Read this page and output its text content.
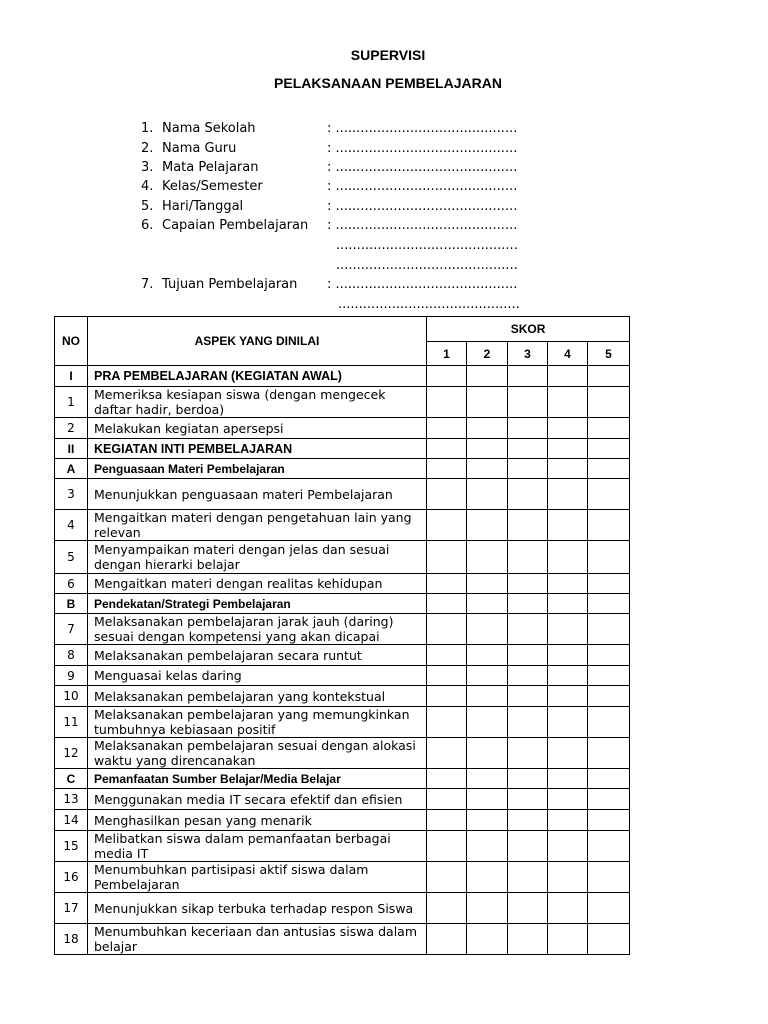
SUPERVISI
PELAKSANAAN PEMBELAJARAN
1. Nama Sekolah	: ............................................
2. Nama Guru	: ............................................
3. Mata Pelajaran	: ............................................
4. Kelas/Semester	: ............................................
5. Hari/Tanggal	: ............................................
6. Capaian Pembelajaran : ............................................
............................................
............................................
7. Tujuan Pembelajaran : ............................................
............................................
NO	ASPEK YANG DINILAI	SKOR				
		1	2	3	4	5
I	PRA PEMBELAJARAN (KEGIATAN AWAL)					
1	Memeriksa kesiapan siswa (dengan mengecek daftar hadir, berdoa)					
2	Melakukan kegiatan apersepsi					
II	KEGIATAN INTI PEMBELAJARAN					
A	Penguasaan Materi Pembelajaran					
3	Menunjukkan penguasaan materi Pembelajaran					
4	Mengaitkan materi dengan pengetahuan lain yang relevan					
5	Menyampaikan materi dengan jelas dan sesuai dengan hierarki belajar					
6	Mengaitkan materi dengan realitas kehidupan					
B	Pendekatan/Strategi Pembelajaran					
7	Melaksanakan pembelajaran jarak jauh (daring) sesuai dengan kompetensi yang akan dicapai					
8	Melaksanakan pembelajaran secara runtut					
9	Menguasai kelas daring					
10	Melaksanakan pembelajaran yang kontekstual					
11	Melaksanakan pembelajaran yang memungkinkan tumbuhnya kebiasaan positif					
12	Melaksanakan pembelajaran sesuai dengan alokasi waktu yang direncanakan					
C	Pemanfaatan Sumber Belajar/Media Belajar					
13	Menggunakan media IT secara efektif dan efisien					
14	Menghasilkan pesan yang menarik					
15	Melibatkan siswa dalam pemanfaatan berbagai media IT					
16	Menumbuhkan partisipasi aktif siswa dalam Pembelajaran					
17	Menunjukkan sikap terbuka terhadap respon Siswa					
18	Menumbuhkan keceriaan dan antusias siswa dalam belajar					
